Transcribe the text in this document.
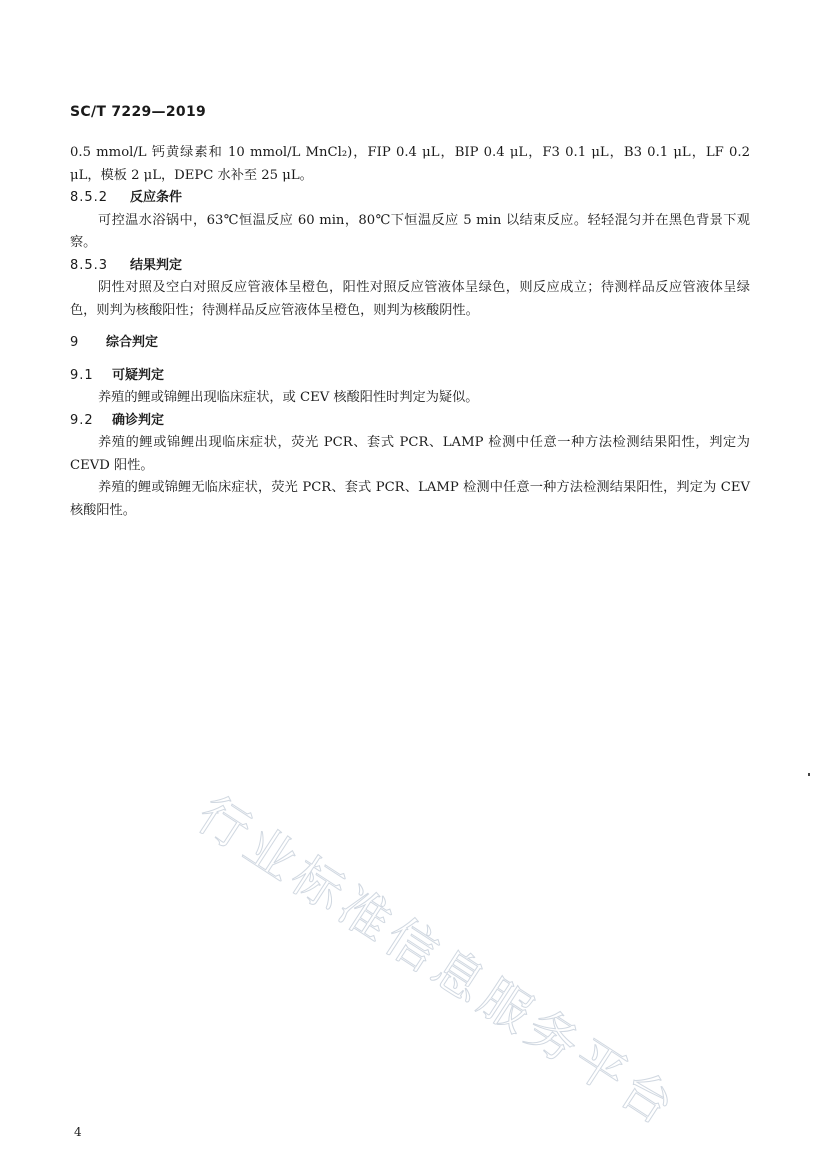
SC/T 7229—2019

0.5 mmol/L 钙黄绿素和 10 mmol/L MnCl₂)，FIP 0.4 μL，BIP 0.4 μL，F3 0.1 μL，B3 0.1 μL，LF 0.2 μL，模板 2 μL，DEPC 水补至 25 μL。

8.5.2	反应条件

可控温水浴锅中，63℃恒温反应 60 min，80℃下恒温反应 5 min 以结束反应。轻轻混匀并在黑色背景下观察。

8.5.3	结果判定

阴性对照及空白对照反应管液体呈橙色，阳性对照反应管液体呈绿色，则反应成立；待测样品反应管液体呈绿色，则判为核酸阳性；待测样品反应管液体呈橙色，则判为核酸阴性。

9	综合判定
9.1	可疑判定

养殖的鲤或锦鲤出现临床症状，或 CEV 核酸阳性时判定为疑似。

9.2	确诊判定

养殖的鲤或锦鲤出现临床症状，荧光 PCR、套式 PCR、LAMP 检测中任意一种方法检测结果阳性，判定为 CEVD 阳性。

养殖的鲤或锦鲤无临床症状，荧光 PCR、套式 PCR、LAMP 检测中任意一种方法检测结果阳性，判定为 CEV 核酸阳性。

行业标准信息服务平台
4
